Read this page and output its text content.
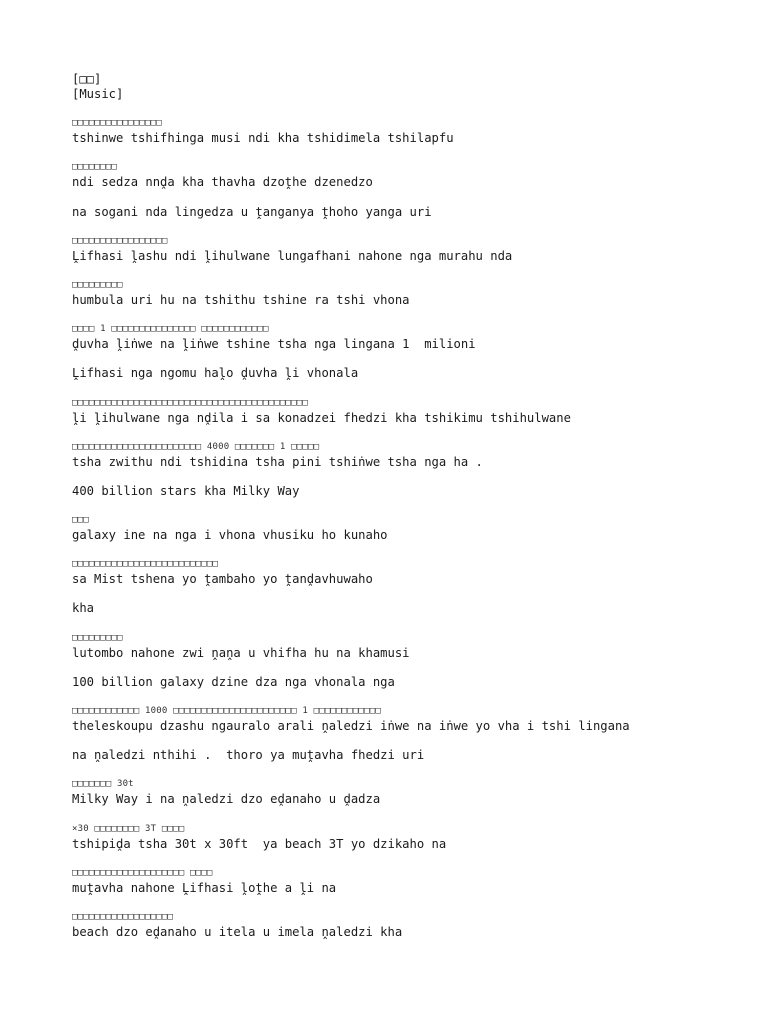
[□□]
[Music]
□□□□□□□□□□□□□□□□
tshinwe tshifhinga musi ndi kha tshidimela tshilapfu
□□□□□□□□
ndi sedza nnḓa kha thavha dzoṱhe dzenedzo
na sogani nda lingedza u ṱanganya ṱhoho yanga uri
□□□□□□□□□□□□□□□□□
Ḽifhasi ḽashu ndi ḽihulwane lungafhani nahone nga murahu nda
□□□□□□□□□
humbula uri hu na tshithu tshine ra tshi vhona
□□□□ 1 □□□□□□□□□□□□□□□ □□□□□□□□□□□□
ḓuvha ḽiṅwe na ḽiṅwe tshine tsha nga lingana 1  milioni
Ḽifhasi nga ngomu haḽo ḓuvha ḽi vhonala
□□□□□□□□□□□□□□□□□□□□□□□□□□□□□□□□□□□□□□□□□□
ḽi ḽihulwane nga nḓila i sa konadzei fhedzi kha tshikimu tshihulwane
□□□□□□□□□□□□□□□□□□□□□□□ 4000 □□□□□□□ 1 □□□□□
tsha zwithu ndi tshidina tsha pini tshiṅwe tsha nga ha .
400 billion stars kha Milky Way
□□□
galaxy ine na nga i vhona vhusiku ho kunaho
□□□□□□□□□□□□□□□□□□□□□□□□□□
sa Mist tshena yo ṱambaho yo ṱanḓavhuwaho
kha
□□□□□□□□□
lutombo nahone zwi ṋaṋa u vhifha hu na khamusi
100 billion galaxy dzine dza nga vhonala nga
□□□□□□□□□□□□ 1000 □□□□□□□□□□□□□□□□□□□□□□ 1 □□□□□□□□□□□□
theleskoupu dzashu ngauralo arali ṋaledzi iṅwe na iṅwe yo vha i tshi lingana
na ṋaledzi nthihi .  thoro ya muṱavha fhedzi uri
□□□□□□□ 30t
Milky Way i na ṋaledzi dzo eḓanaho u ḓadza
×30 □□□□□□□□ 3T □□□□
tshipiḓa tsha 30t x 30ft  ya beach 3T yo dzikaho na
□□□□□□□□□□□□□□□□□□□□ □□□□
muṱavha nahone Ḽifhasi ḽoṱhe a ḽi na
□□□□□□□□□□□□□□□□□□
beach dzo eḓanaho u itela u imela ṋaledzi kha
